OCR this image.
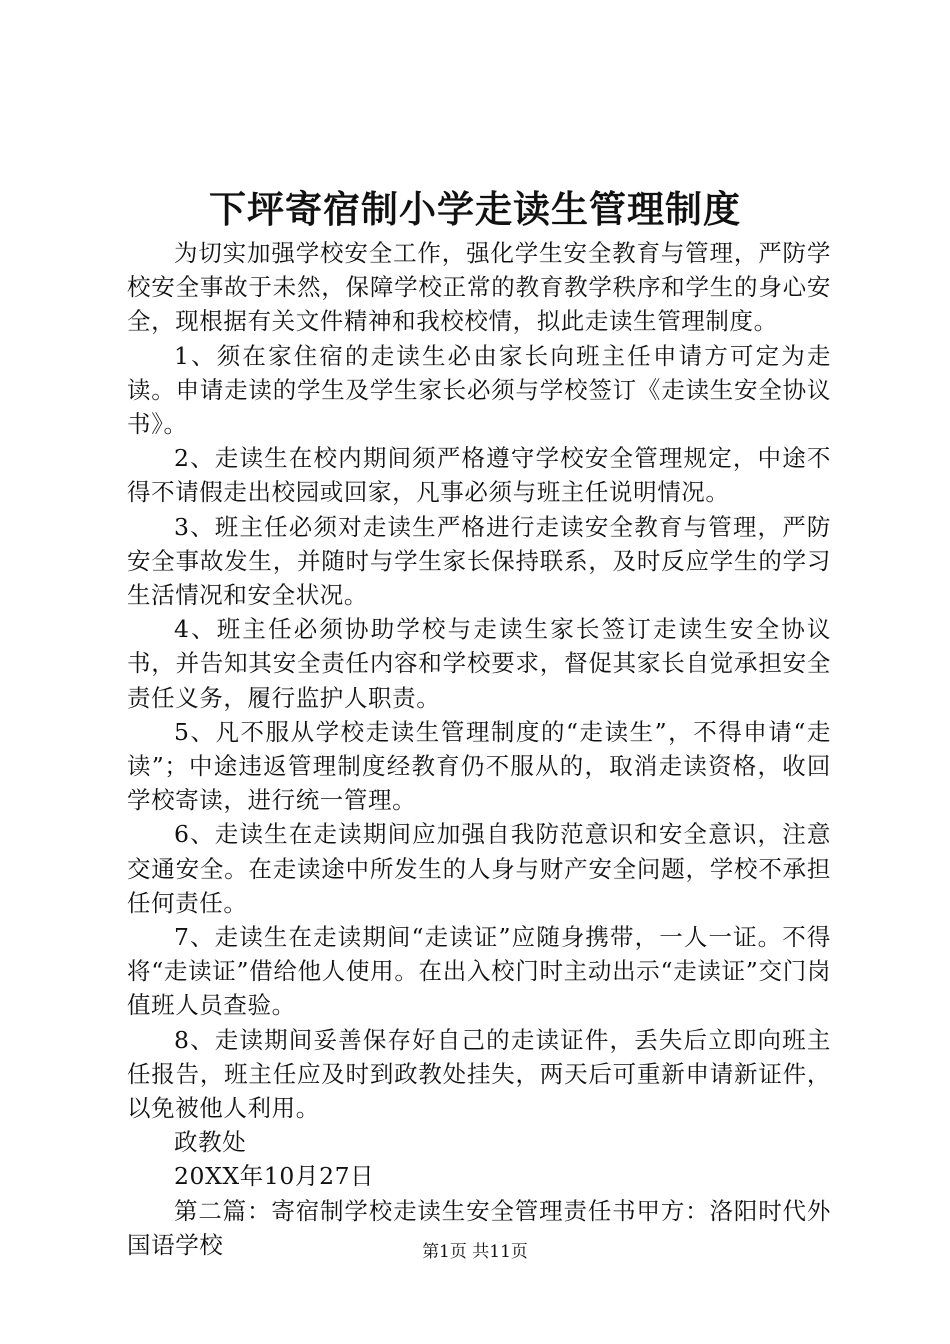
下坪寄宿制小学走读生管理制度

为切实加强学校安全工作，强化学生安全教育与管理，严防学校安全事故于未然，保障学校正常的教育教学秩序和学生的身心安全，现根据有关文件精神和我校校情，拟此走读生管理制度。

1、须在家住宿的走读生必由家长向班主任申请方可定为走读。申请走读的学生及学生家长必须与学校签订《走读生安全协议书》。

2、走读生在校内期间须严格遵守学校安全管理规定，中途不得不请假走出校园或回家，凡事必须与班主任说明情况。

3、班主任必须对走读生严格进行走读安全教育与管理，严防安全事故发生，并随时与学生家长保持联系，及时反应学生的学习生活情况和安全状况。

4、班主任必须协助学校与走读生家长签订走读生安全协议书，并告知其安全责任内容和学校要求，督促其家长自觉承担安全责任义务，履行监护人职责。

5、凡不服从学校走读生管理制度的“走读生”，不得申请“走读”；中途违返管理制度经教育仍不服从的，取消走读资格，收回学校寄读，进行统一管理。

6、走读生在走读期间应加强自我防范意识和安全意识，注意交通安全。在走读途中所发生的人身与财产安全问题，学校不承担任何责任。

7、走读生在走读期间“走读证”应随身携带，一人一证。不得将“走读证”借给他人使用。在出入校门时主动出示“走读证”交门岗值班人员查验。

8、走读期间妥善保存好自己的走读证件，丢失后立即向班主任报告，班主任应及时到政教处挂失，两天后可重新申请新证件，以免被他人利用。

政教处

20XX年10月27日

第二篇：寄宿制学校走读生安全管理责任书甲方：洛阳时代外国语学校	第1页 共11页
